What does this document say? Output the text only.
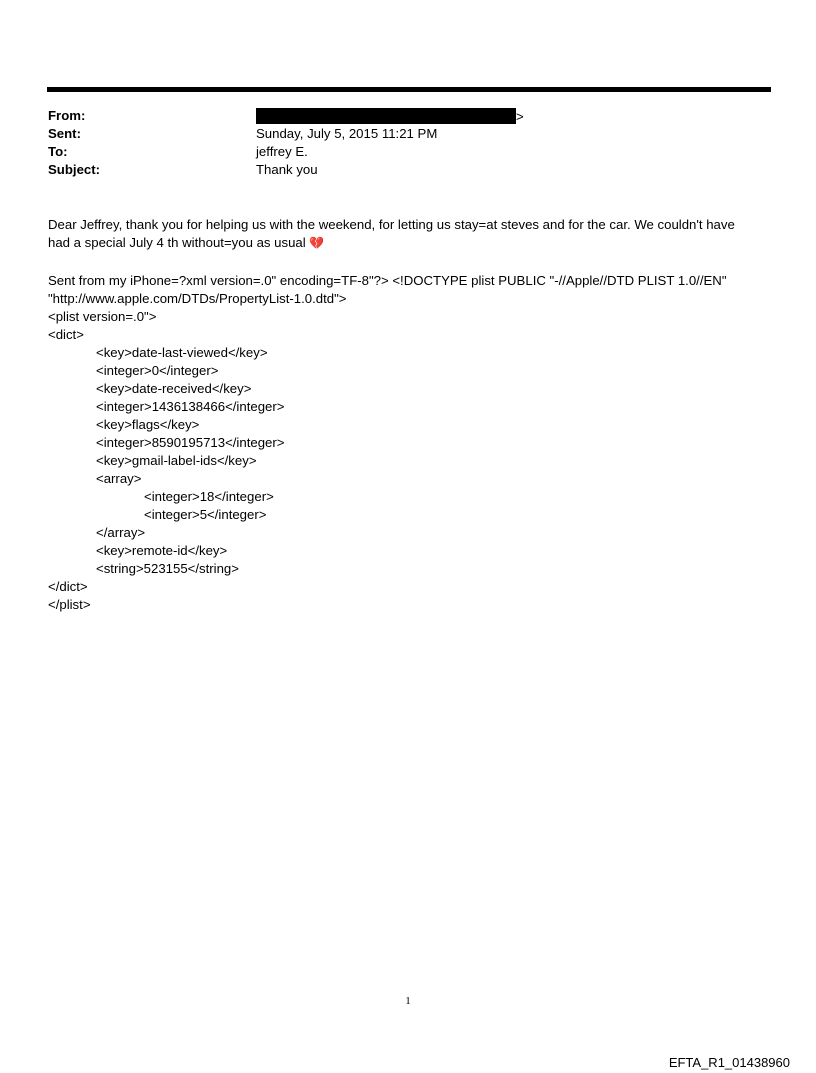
From:	>
Sent:	Sunday, July 5, 2015 11:21 PM
To:	jeffrey E.
Subject:	Thank you
Dear Jeffrey, thank you for helping us with the weekend, for letting us stay=at steves and for the car. We couldn't have
had a special July 4 th without=you as usual 💔
Sent from my iPhone=?xml version=.0" encoding=TF-8"?> <!DOCTYPE plist PUBLIC "-//Apple//DTD PLIST 1.0//EN"
"http://www.apple.com/DTDs/PropertyList-1.0.dtd">
<plist version=.0">
<dict>
<key>date-last-viewed</key>
<integer>0</integer>
<key>date-received</key>
<integer>1436138466</integer>
<key>flags</key>
<integer>8590195713</integer>
<key>gmail-label-ids</key>
<array>
<integer>18</integer>
<integer>5</integer>
</array>
<key>remote-id</key>
<string>523155</string>
</dict>
</plist>
1
EFTA_R1_01438960
